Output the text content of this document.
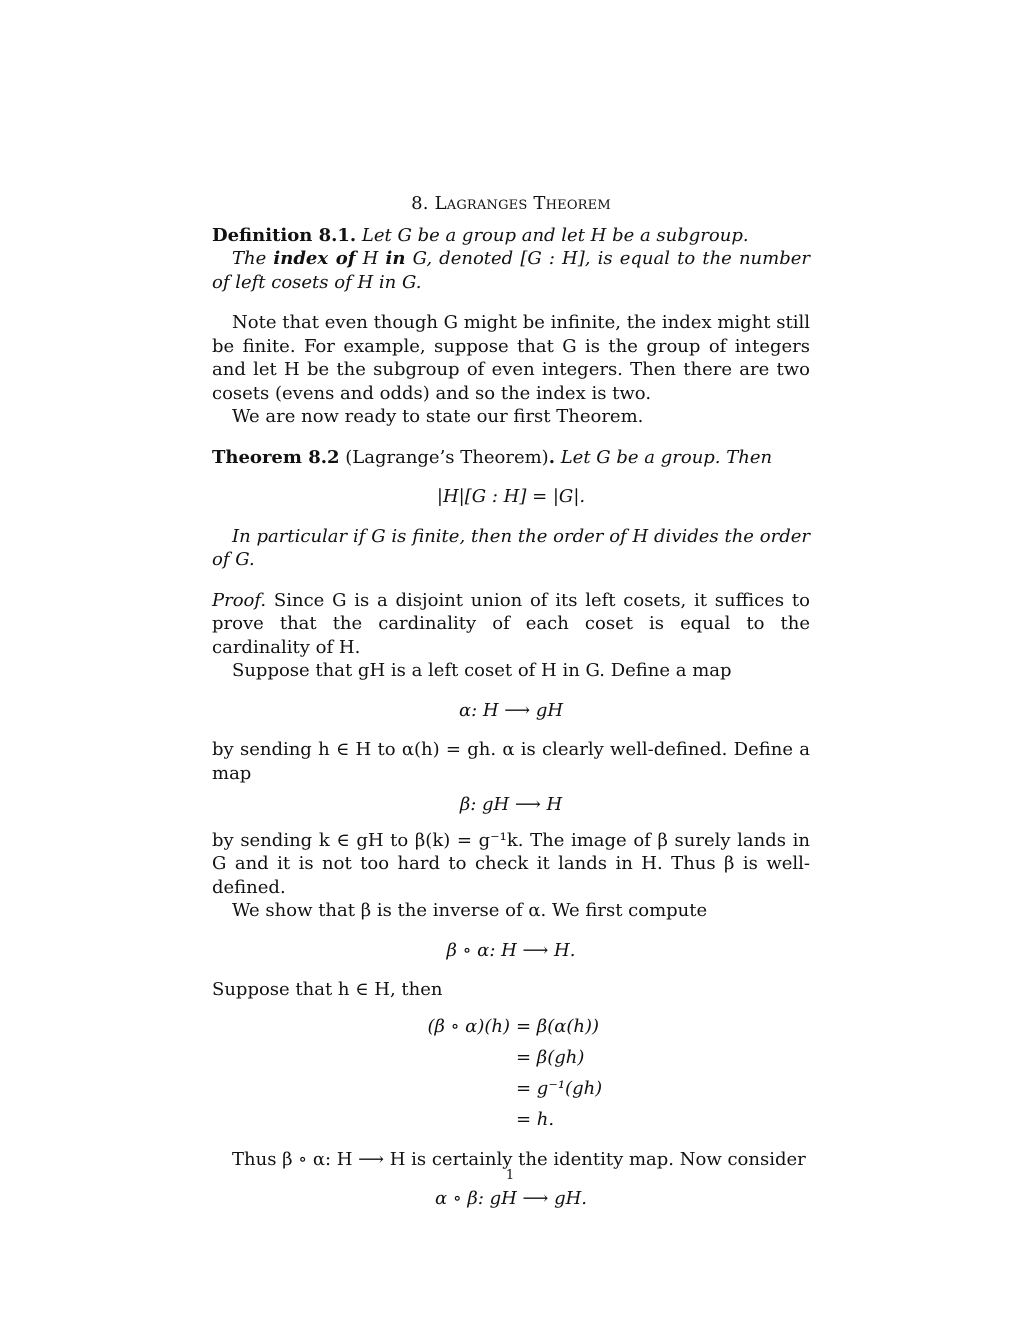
8. Lagranges Theorem

Definition 8.1. Let G be a group and let H be a subgroup.

The index of H in G, denoted [G : H], is equal to the number of left cosets of H in G.

Note that even though G might be infinite, the index might still be finite. For example, suppose that G is the group of integers and let H be the subgroup of even integers. Then there are two cosets (evens and odds) and so the index is two.

We are now ready to state our first Theorem.

Theorem 8.2 (Lagrange’s Theorem). Let G be a group. Then

|H|[G : H] = |G|.

In particular if G is finite, then the order of H divides the order of G.

Proof. Since G is a disjoint union of its left cosets, it suffices to prove that the cardinality of each coset is equal to the cardinality of H.

Suppose that gH is a left coset of H in G. Define a map

α: H ⟶ gH

by sending h ∈ H to α(h) = gh. α is clearly well-defined. Define a map

β: gH ⟶ H

by sending k ∈ gH to β(k) = g⁻¹k. The image of β surely lands in G and it is not too hard to check it lands in H. Thus β is well-defined.

We show that β is the inverse of α. We first compute

β ∘ α: H ⟶ H.

Suppose that h ∈ H, then

(β ∘ α)(h) = β(α(h))
= β(gh)
= g⁻¹(gh)
= h.

Thus β ∘ α: H ⟶ H is certainly the identity map. Now consider

α ∘ β: gH ⟶ gH.

1
